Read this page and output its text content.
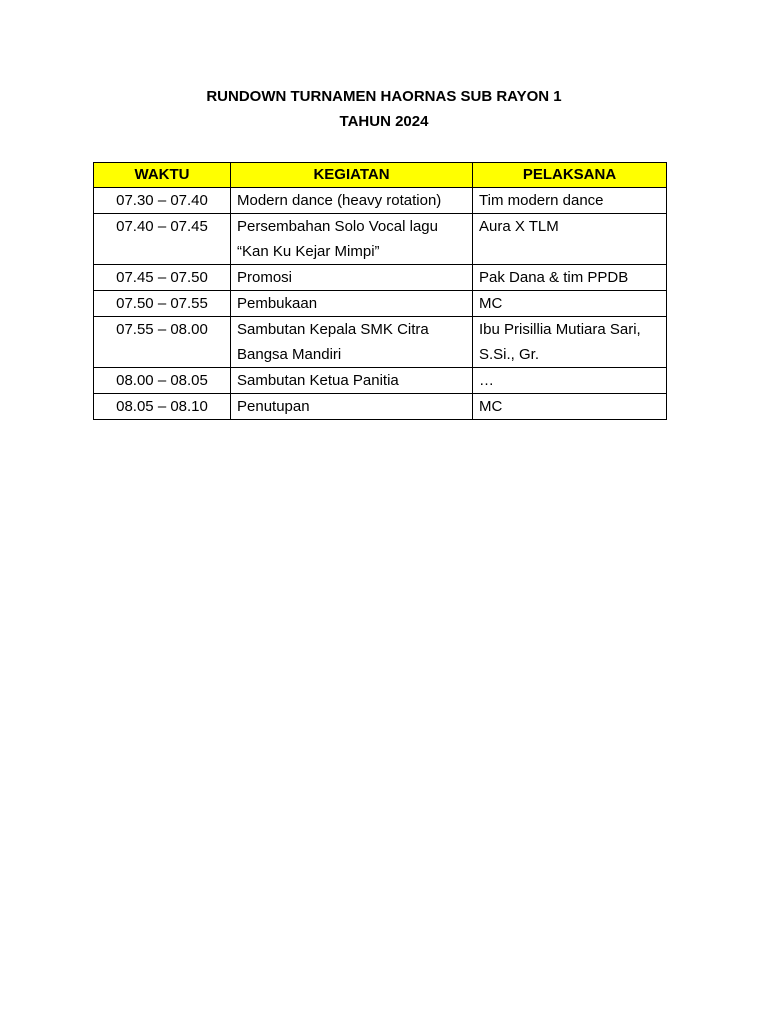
RUNDOWN TURNAMEN HAORNAS SUB RAYON 1
TAHUN 2024
WAKTU	KEGIATAN	PELAKSANA
07.30 – 07.40	Modern dance (heavy rotation)	Tim modern dance
07.40 – 07.45	Persembahan Solo Vocal lagu “Kan Ku Kejar Mimpi”	Aura X TLM
07.45 – 07.50	Promosi	Pak Dana & tim PPDB
07.50 – 07.55	Pembukaan	MC
07.55 – 08.00	Sambutan Kepala SMK Citra Bangsa Mandiri	Ibu Prisillia Mutiara Sari, S.Si., Gr.
08.00 – 08.05	Sambutan Ketua Panitia	…
08.05 – 08.10	Penutupan	MC
